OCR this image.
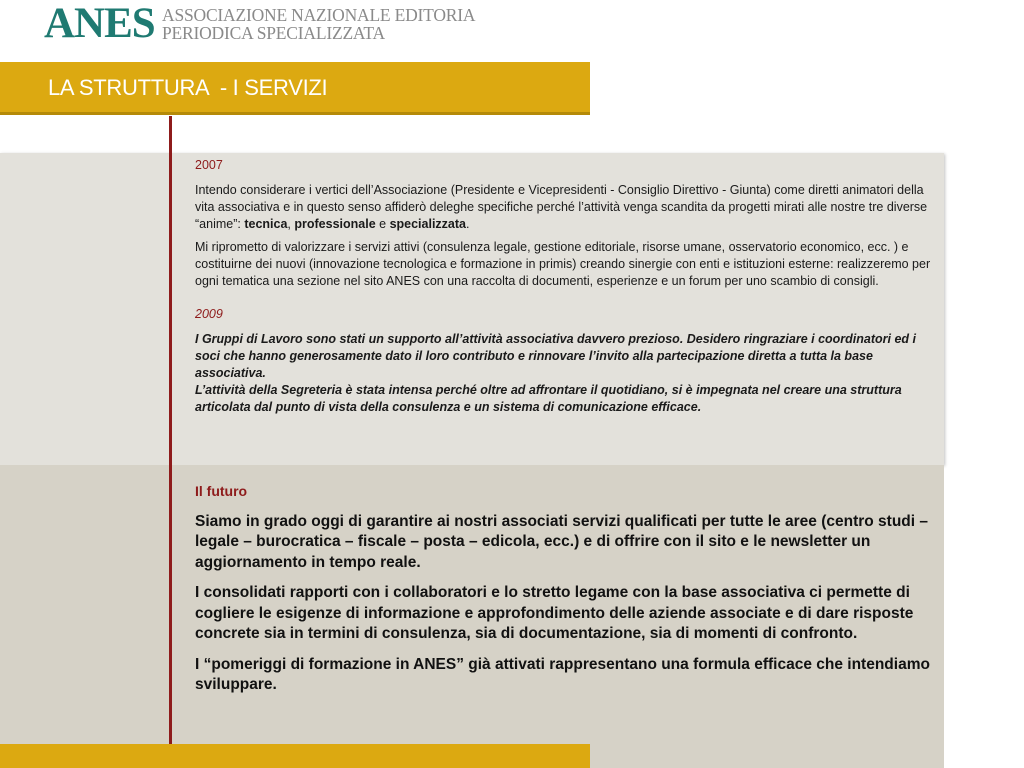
ANES ASSOCIAZIONE NAZIONALE EDITORIA
PERIODICA SPECIALIZZATA
LA STRUTTURA  - I SERVIZI
2007

Intendo considerare i vertici dell’Associazione (Presidente e Vicepresidenti - Consiglio Direttivo - Giunta) come diretti animatori della vita associativa e in questo senso affiderò deleghe specifiche perché l’attività venga scandita da progetti mirati alle nostre tre diverse “anime”: tecnica, professionale e specializzata.

Mi riprometto di valorizzare i servizi attivi (consulenza legale, gestione editoriale, risorse umane, osservatorio economico, ecc. ) e costituirne dei nuovi (innovazione tecnologica e formazione in primis) creando sinergie con enti e istituzioni esterne: realizzeremo per ogni tematica una sezione nel sito ANES con una raccolta di documenti, esperienze e un forum per uno scambio di consigli.

2009

I Gruppi di Lavoro sono stati un supporto all’attività associativa davvero prezioso. Desidero ringraziare i coordinatori ed i soci che hanno generosamente dato il loro contributo e rinnovare l’invito alla partecipazione diretta a tutta la base associativa.

L’attività della Segreteria è stata intensa perché oltre ad affrontare il quotidiano, si è impegnata nel creare una struttura articolata dal punto di vista della consulenza e un sistema di comunicazione efficace.

Il futuro

Siamo in grado oggi di garantire ai nostri associati servizi qualificati per tutte le aree (centro studi – legale – burocratica – fiscale – posta – edicola, ecc.) e di offrire con il sito e le newsletter un aggiornamento in tempo reale.

I consolidati rapporti con i collaboratori e lo stretto legame con la base associativa ci permette di cogliere le esigenze di informazione e approfondimento delle aziende associate e di dare risposte concrete sia in termini di consulenza, sia di documentazione, sia di momenti di confronto.

I “pomeriggi di formazione in ANES” già attivati rappresentano una formula efficace che intendiamo sviluppare.
